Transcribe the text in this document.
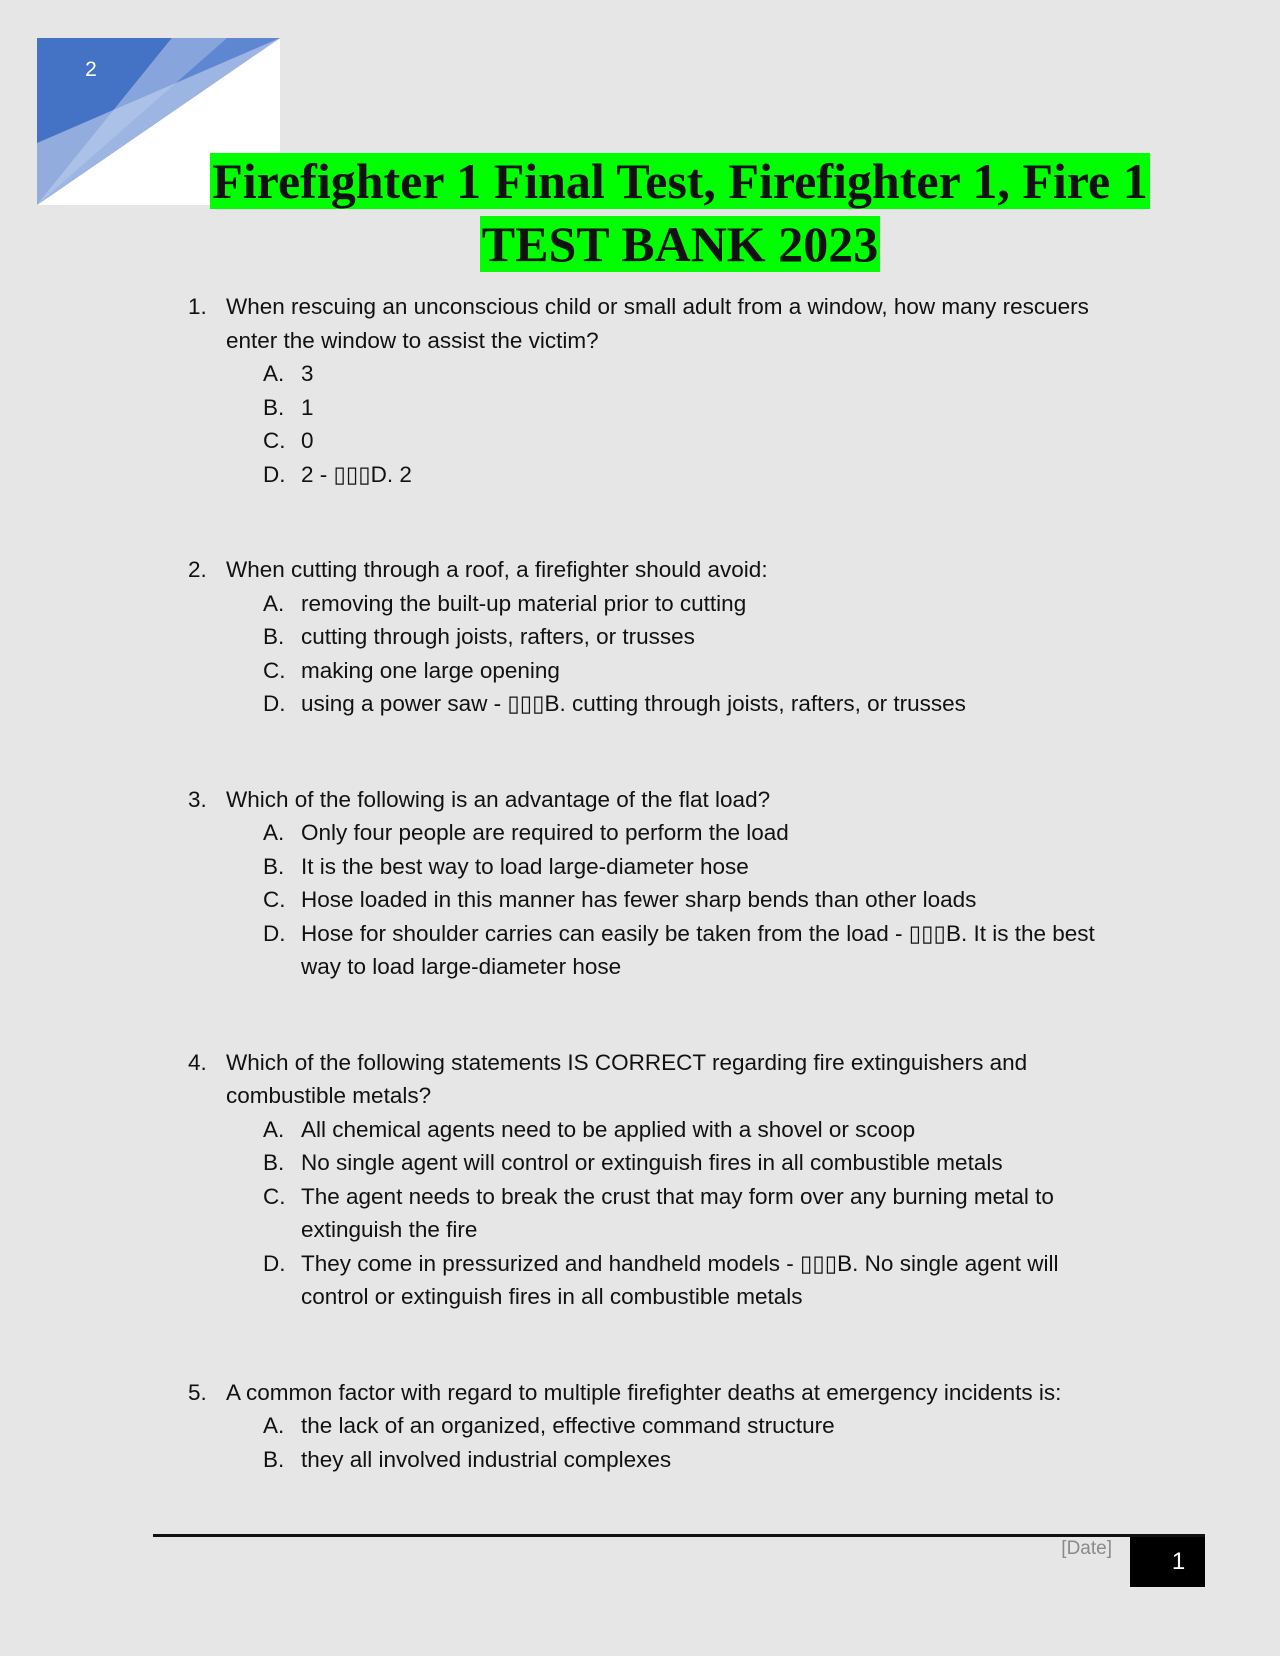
2
Firefighter 1 Final Test, Firefighter 1, Fire 1
TEST BANK 2023
1. When rescuing an unconscious child or small adult from a window, how many rescuers enter the window to assist the victim?
A. 3
B. 1
C. 0
D. 2 - ▯▯▯D. 2
2. When cutting through a roof, a firefighter should avoid:
A. removing the built-up material prior to cutting
B. cutting through joists, rafters, or trusses
C. making one large opening
D. using a power saw - ▯▯▯B. cutting through joists, rafters, or trusses
3. Which of the following is an advantage of the flat load?
A. Only four people are required to perform the load
B. It is the best way to load large-diameter hose
C. Hose loaded in this manner has fewer sharp bends than other loads
D. Hose for shoulder carries can easily be taken from the load - ▯▯▯B. It is the best way to load large-diameter hose
4. Which of the following statements IS CORRECT regarding fire extinguishers and combustible metals?
A. All chemical agents need to be applied with a shovel or scoop
B. No single agent will control or extinguish fires in all combustible metals
C. The agent needs to break the crust that may form over any burning metal to extinguish the fire
D. They come in pressurized and handheld models - ▯▯▯B. No single agent will control or extinguish fires in all combustible metals
5. A common factor with regard to multiple firefighter deaths at emergency incidents is:
A. the lack of an organized, effective command structure
B. they all involved industrial complexes
[Date] 1
